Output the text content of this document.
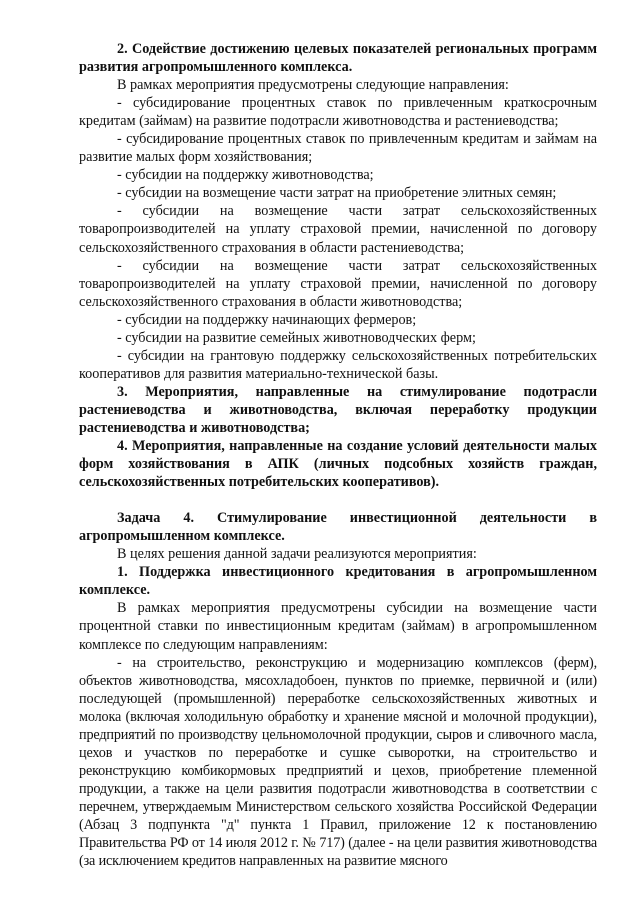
2. Содействие достижению целевых показателей региональных программ развития агропромышленного комплекса.

В рамках мероприятия предусмотрены следующие направления:

- субсидирование процентных ставок по привлеченным краткосрочным кредитам (займам) на развитие подотрасли животноводства и растениеводства;

- субсидирование процентных ставок по привлеченным кредитам и займам на развитие малых форм хозяйствования;

- субсидии на поддержку животноводства;

- субсидии на возмещение части затрат на приобретение элитных семян;

- субсидии на возмещение части затрат сельскохозяйственных товаропроизводителей на уплату страховой премии, начисленной по договору сельскохозяйственного страхования в области растениеводства;

- субсидии на возмещение части затрат сельскохозяйственных товаропроизводителей на уплату страховой премии, начисленной по договору сельскохозяйственного страхования в области животноводства;

- субсидии на поддержку начинающих фермеров;

- субсидии на развитие семейных животноводческих ферм;

- субсидии на грантовую поддержку сельскохозяйственных потребительских кооперативов для развития материально-технической базы.

3. Мероприятия, направленные на стимулирование подотрасли растениеводства и животноводства, включая переработку продукции растениеводства и животноводства;

4. Мероприятия, направленные на создание условий деятельности малых форм хозяйствования в АПК (личных подсобных хозяйств граждан, сельскохозяйственных потребительских кооперативов).

Задача 4. Стимулирование инвестиционной деятельности в агропромышленном комплексе.

В целях решения данной задачи реализуются мероприятия:

1. Поддержка инвестиционного кредитования в агропромышленном комплексе.

В рамках мероприятия предусмотрены субсидии на возмещение части процентной ставки по инвестиционным кредитам (займам) в агропромышленном комплексе по следующим направлениям:

- на строительство, реконструкцию и модернизацию комплексов (ферм), объектов животноводства, мясохладобоен, пунктов по приемке, первичной и (или) последующей (промышленной) переработке сельскохозяйственных животных и молока (включая холодильную обработку и хранение мясной и молочной продукции), предприятий по производству цельномолочной продукции, сыров и сливочного масла, цехов и участков по переработке и сушке сыворотки, на строительство и реконструкцию комбикормовых предприятий и цехов, приобретение племенной продукции, а также на цели развития подотрасли животноводства в соответствии с перечнем, утверждаемым Министерством сельского хозяйства Российской Федерации (Абзац 3 подпункта "д" пункта 1 Правил, приложение 12 к постановлению Правительства РФ от 14 июля 2012 г. № 717) (далее - на цели развития животноводства (за исключением кредитов направленных на развитие мясного
